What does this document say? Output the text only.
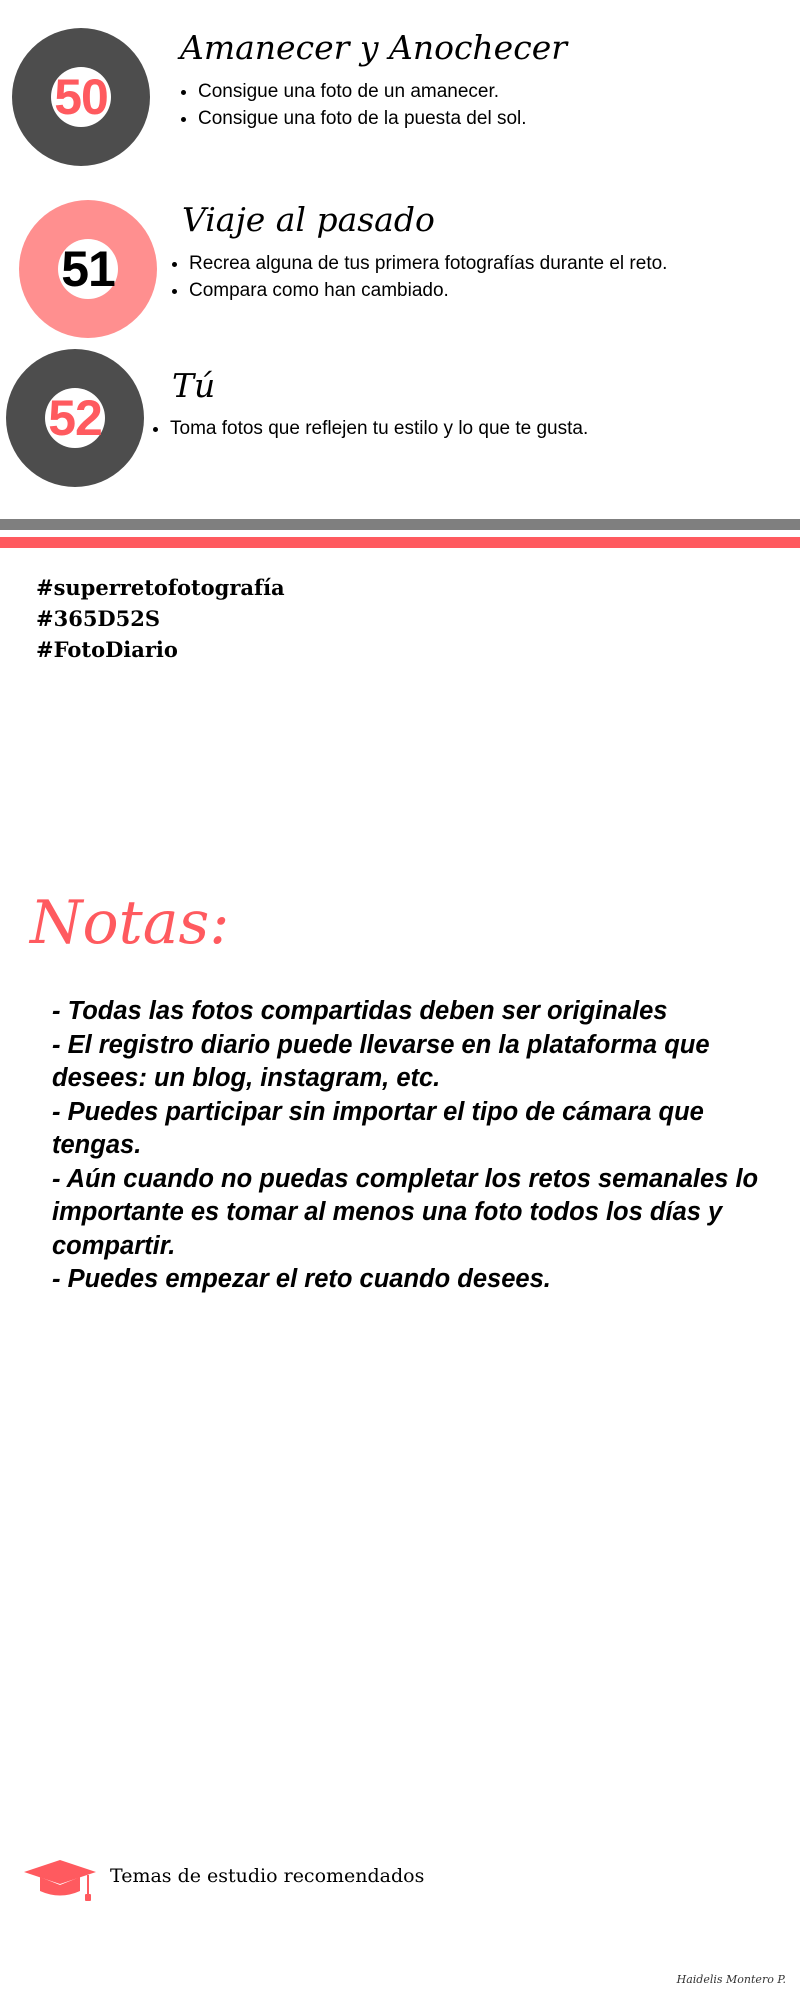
50
Amanecer y Anochecer
• Consigue una foto de un amanecer.
• Consigue una foto de la puesta del sol.
51
Viaje al pasado
• Recrea alguna de tus primera fotografías durante el reto.
• Compara como han cambiado.
52
Tú
• Toma fotos que reflejen tu estilo y lo que te gusta.
#superretofotografía
#365D52S
#FotoDiario
Notas:
- Todas las fotos compartidas deben ser originales
- El registro diario puede llevarse en la plataforma que desees: un blog, instagram, etc.
- Puedes participar sin importar el tipo de cámara que tengas.
- Aún cuando no puedas completar los retos semanales lo importante es tomar al menos una foto todos los días y compartir.
- Puedes empezar el reto cuando desees.
Temas de estudio recomendados
Haidelis Montero P.
